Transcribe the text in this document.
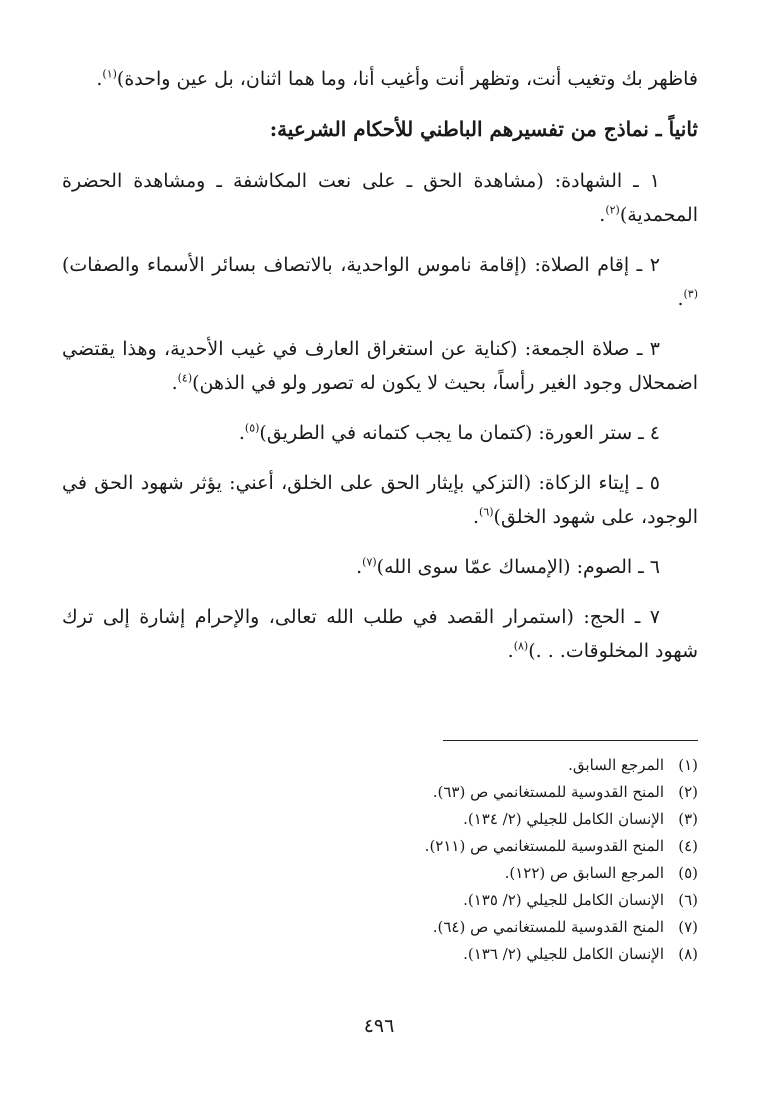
فاظهر بك وتغيب أنت، وتظهر أنت وأغيب أنا، وما هما اثنان، بل عين واحدة)$^{(١)}$.

ثانياً ـ نماذج من تفسيرهم الباطني للأحكام الشرعية:

١ ـ الشهادة: (مشاهدة الحق ـ على نعت المكاشفة ـ ومشاهدة الحضرة المحمدية)$^{(٢)}$.

٢ ـ إقام الصلاة: (إقامة ناموس الواحدية، بالاتصاف بسائر الأسماء والصفات)$^{(٣)}$.

٣ ـ صلاة الجمعة: (كناية عن استغراق العارف في غيب الأحدية، وهذا يقتضي اضمحلال وجود الغير رأساً، بحيث لا يكون له تصور ولو في الذهن)$^{(٤)}$.

٤ ـ ستر العورة: (كتمان ما يجب كتمانه في الطريق)$^{(٥)}$.

٥ ـ إيتاء الزكاة: (التزكي بإيثار الحق على الخلق، أعني: يؤثر شهود الحق في الوجود، على شهود الخلق)$^{(٦)}$.

٦ ـ الصوم: (الإمساك عمّا سوى الله)$^{(٧)}$.

٧ ـ الحج: (استمرار القصد في طلب الله تعالى، والإحرام إشارة إلى ترك شهود المخلوقات. . .)$^{(٨)}$.

(١)المرجع السابق.
(٢)المنح القدوسية للمستغانمي ص (٦٣).
(٣)الإنسان الكامل للجيلي (٢/ ١٣٤).
(٤)المنح القدوسية للمستغانمي ص (٢١١).
(٥)المرجع السابق ص (١٢٢).
(٦)الإنسان الكامل للجيلي (٢/ ١٣٥).
(٧)المنح القدوسية للمستغانمي ص (٦٤).
(٨)الإنسان الكامل للجيلي (٢/ ١٣٦).
٤٩٦
